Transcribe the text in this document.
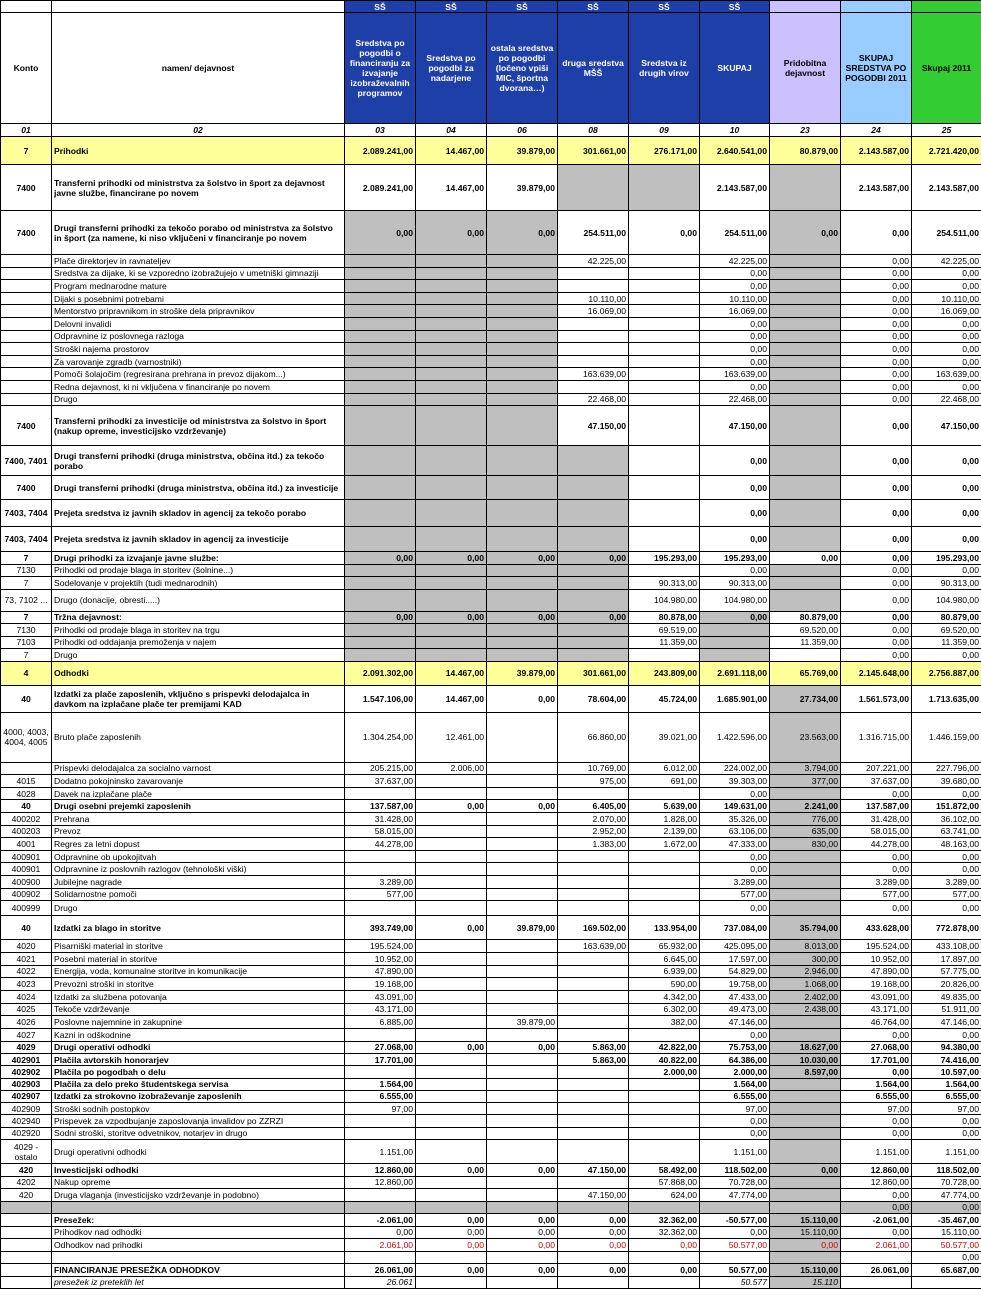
		SŠ	SŠ	SŠ	SŠ	SŠ	SŠ			
Konto	namen/ dejavnost	Sredstva po pogodbi o financiranju za izvajanje izobraževalnih programov	Sredstva po pogodbi za nadarjene	ostala sredstva po pogodbi (ločeno vpiši MIC, športna dvorana…)	druga sredstva MŠŠ	Sredstva iz drugih virov	SKUPAJ	Pridobitna dejavnost	SKUPAJ SREDSTVA PO POGODBI 2011	Skupaj 2011
01	02	03	04	06	08	09	10	23	24	25
7	Prihodki	2.089.241,00	14.467,00	39.879,00	301.661,00	276.171,00	2.640.541,00	80.879,00	2.143.587,00	2.721.420,00
7400	Transferni prihodki od ministrstva za šolstvo in šport za dejavnost javne službe, financirane po novem	2.089.241,00	14.467,00	39.879,00			2.143.587,00		2.143.587,00	2.143.587,00
7400	Drugi transferni prihodki za tekočo porabo od ministrstva za šolstvo in šport (za namene, ki niso vključeni v financiranje po novem	0,00	0,00	0,00	254.511,00	0,00	254.511,00	0,00	0,00	254.511,00
	Plače direktorjev in ravnateljev				42.225,00		42.225,00		0,00	42.225,00
	Sredstva za dijake, ki se vzporedno izobražujejo v umetniški gimnaziji						0,00		0,00	0,00
	Program mednarodne mature						0,00		0,00	0,00
	Dijaki s posebnimi potrebami				10.110,00		10.110,00		0,00	10.110,00
	Mentorstvo pripravnikom in stroške dela pripravnikov				16.069,00		16.069,00		0,00	16.069,00
	Delovni invalidi						0,00		0,00	0,00
	Odpravnine iz poslovnega razloga						0,00		0,00	0,00
	Stroški najema prostorov						0,00		0,00	0,00
	Za varovanje zgradb (varnostniki)						0,00		0,00	0,00
	Pomoči šolajočim (regresirana prehrana in prevoz dijakom...)				163.639,00		163.639,00		0,00	163.639,00
	Redna dejavnost, ki ni vključena v financiranje po novem						0,00		0,00	0,00
	Drugo				22.468,00		22.468,00		0,00	22.468,00
7400	Transferni prihodki za investicije od ministrstva za šolstvo in šport (nakup opreme, investicijsko vzdrževanje)				47.150,00		47.150,00		0,00	47.150,00
7400, 7401	Drugi transferni prihodki (druga ministrstva, občina itd.) za tekočo porabo						0,00		0,00	0,00
7400	Drugi transferni prihodki (druga ministrstva, občina itd.) za investicije						0,00		0,00	0,00
7403, 7404	Prejeta sredstva iz javnih skladov in agencij za tekočo porabo						0,00		0,00	0,00
7403, 7404	Prejeta sredstva iz javnih skladov in agencij za investicije						0,00		0,00	0,00
7	Drugi prihodki za izvajanje javne službe:	0,00	0,00	0,00	0,00	195.293,00	195.293,00	0,00	0,00	195.293,00
7130	Prihodki od prodaje blaga in storitev (šolnine...)						0,00		0,00	0,00
7	Sodelovanje v projektih (tudi mednarodnih)					90.313,00	90.313,00		0,00	90.313,00
73, 7102 ...	Drugo (donacije, obresti.....)					104.980,00	104.980,00		0,00	104.980,00
7	Tržna dejavnost:	0,00	0,00	0,00	0,00	80.878,00	0,00	80.879,00	0,00	80.879,00
7130	Prihodki od prodaje blaga in storitev na trgu					69.519,00		69.520,00	0,00	69.520,00
7103	Prihodki od oddajanja premoženja v najem					11.359,00		11.359,00	0,00	11.359,00
7	Drugo								0,00	0,00
4	Odhodki	2.091.302,00	14.467,00	39.879,00	301.661,00	243.809,00	2.691.118,00	65.769,00	2.145.648,00	2.756.887,00
40	Izdatki za plače zaposlenih, vključno s prispevki delodajalca in davkom na izplačane plače ter premijami KAD	1.547.106,00	14.467,00	0,00	78.604,00	45.724,00	1.685.901,00	27.734,00	1.561.573,00	1.713.635,00
4000, 4003, 4004, 4005	Bruto plače zaposlenih	1.304.254,00	12.461,00		66.860,00	39.021,00	1.422.596,00	23.563,00	1.316.715,00	1.446.159,00
	Prispevki delodajalca za socialno varnost	205.215,00	2.006,00		10.769,00	6.012,00	224.002,00	3.794,00	207.221,00	227.796,00
4015	Dodatno pokojninsko zavarovanje	37.637,00			975,00	691,00	39.303,00	377,00	37.637,00	39.680,00
4028	Davek na izplačane plače						0,00		0,00	0,00
40	Drugi osebni prejemki zaposlenih	137.587,00	0,00	0,00	6.405,00	5.639,00	149.631,00	2.241,00	137.587,00	151.872,00
400202	Prehrana	31.428,00			2.070,00	1.828,00	35.326,00	776,00	31.428,00	36.102,00
400203	Prevoz	58.015,00			2.952,00	2.139,00	63.106,00	635,00	58.015,00	63.741,00
4001	Regres za letni dopust	44.278,00			1.383,00	1.672,00	47.333,00	830,00	44.278,00	48.163,00
400901	Odpravnine ob upokojitvah						0,00		0,00	0,00
400901	Odpravnine iz poslovnih razlogov (tehnološki viški)						0,00		0,00	0,00
400900	Jubilejne nagrade	3.289,00					3.289,00		3.289,00	3.289,00
400902	Solidarnostne pomoči	577,00					577,00		577,00	577,00
400999	Drugo						0,00		0,00	0,00
40	Izdatki za blago in storitve	393.749,00	0,00	39.879,00	169.502,00	133.954,00	737.084,00	35.794,00	433.628,00	772.878,00
4020	Pisarniški material in storitve	195.524,00			163.639,00	65.932,00	425.095,00	8.013,00	195.524,00	433.108,00
4021	Posebni material in storitve	10.952,00				6.645,00	17.597,00	300,00	10.952,00	17.897,00
4022	Energija, voda, komunalne storitve in komunikacije	47.890,00				6.939,00	54.829,00	2.946,00	47.890,00	57.775,00
4023	Prevozni stroški in storitve	19.168,00				590,00	19.758,00	1.068,00	19.168,00	20.826,00
4024	Izdatki za službena potovanja	43.091,00				4.342,00	47.433,00	2.402,00	43.091,00	49.835,00
4025	Tekoče vzdrževanje	43.171,00				6.302,00	49.473,00	2.438,00	43.171,00	51.911,00
4026	Poslovne najemnine in zakupnine	6.885,00		39.879,00		382,00	47.146,00		46.764,00	47.146,00
4027	Kazni in odškodnine						0,00		0,00	0,00
4029	Drugi operativi odhodki	27.068,00	0,00	0,00	5.863,00	42.822,00	75.753,00	18.627,00	27.068,00	94.380,00
402901	Plačila avtorskih honorarjev	17.701,00			5.863,00	40.822,00	64.386,00	10.030,00	17.701,00	74.416,00
402902	Plačila po pogodbah o delu					2.000,00	2.000,00	8.597,00	0,00	10.597,00
402903	Plačila za delo preko študentskega servisa	1.564,00					1.564,00		1.564,00	1.564,00
402907	Izdatki za strokovno izobraževanje zaposlenih	6.555,00					6.555,00		6.555,00	6.555,00
402909	Stroški sodnih postopkov	97,00					97,00		97,00	97,00
402940	Prispevek za vzpodbujanje zaposlovanja invalidov po ZZRZI						0,00		0,00	0,00
402920	Sodni stroški, storitve odvetnikov, notarjev in drugo						0,00		0,00	0,00
4029 - ostalo	Drugi operativni odhodki	1.151,00					1.151,00		1.151,00	1.151,00
420	Investicijski odhodki	12.860,00	0,00	0,00	47.150,00	58.492,00	118.502,00	0,00	12.860,00	118.502,00
4202	Nakup opreme	12.860,00				57.868,00	70.728,00		12.860,00	70.728,00
420	Druga vlaganja (investicijsko vzdrževanje in podobno)				47.150,00	624,00	47.774,00		0,00	47.774,00
									0,00	0,00
	Presežek:	-2.061,00	0,00	0,00	0,00	32.362,00	-50.577,00	15.110,00	-2.061,00	-35.467,00
	Prihodkov nad odhodki	0,00	0,00	0,00	0,00	32.362,00	0,00	15.110,00	0,00	15.110,00
	Odhodkov nad prihodki	2.061,00	0,00	0,00	0,00	0,00	50.577,00	0,00	2.061,00	50.577,00
										0,00
	FINANCIRANJE PRESEŽKA ODHODKOV	26.061,00	0,00	0,00	0,00	0,00	50.577,00	15.110,00	26.061,00	65.687,00
	presežek iz preteklih let	26.061					50.577	15.110		
